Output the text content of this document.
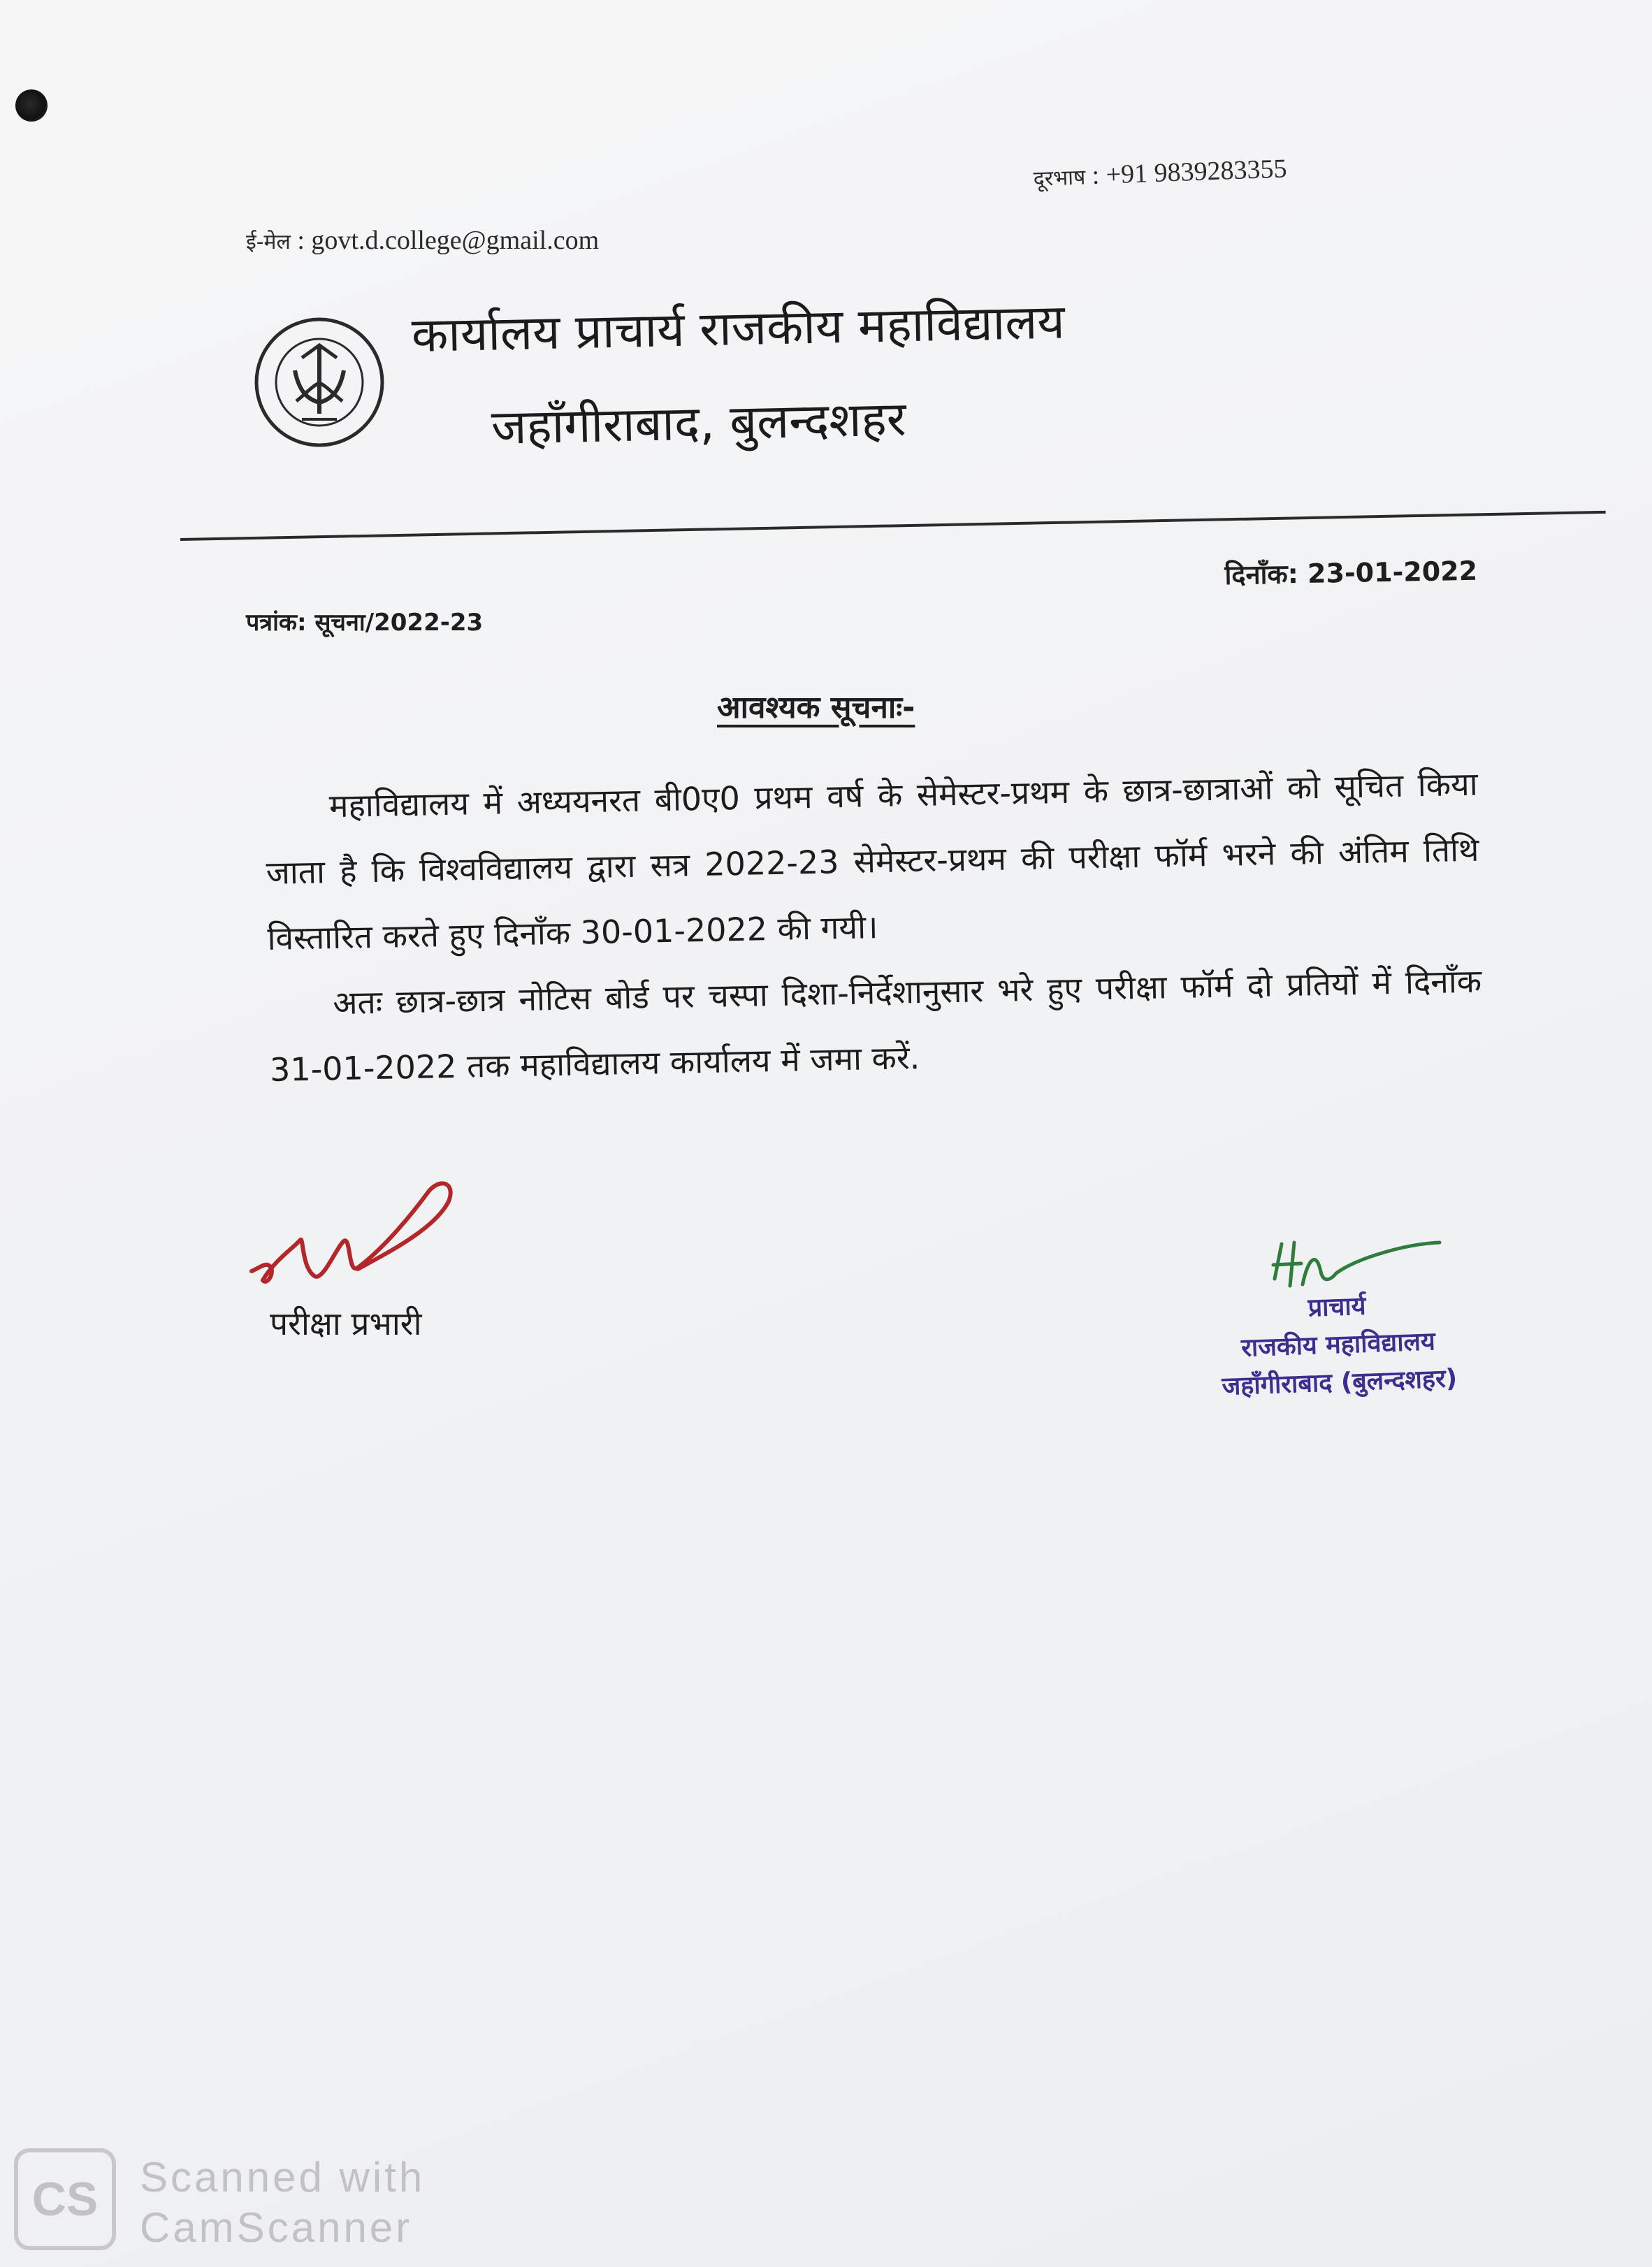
दूरभाष : +91 9839283355
ई-मेल : govt.d.college@gmail.com
कार्यालय प्राचार्य राजकीय महाविद्यालय
जहाँगीराबाद, बुलन्दशहर
पत्रांक: सूचना/2022-23
दिनाँक: 23-01-2022
आवश्यक सूचनाः-

महाविद्यालय में अध्ययनरत बी0ए0 प्रथम वर्ष के सेमेस्टर-प्रथम के छात्र-छात्राओं को सूचित किया जाता है कि विश्वविद्यालय द्वारा सत्र 2022-23 सेमेस्टर-प्रथम की परीक्षा फॉर्म भरने की अंतिम तिथि विस्तारित करते हुए दिनाँक 30-01-2022 की गयी।

अतः छात्र-छात्र नोटिस बोर्ड पर चस्पा दिशा-निर्देशानुसार भरे हुए परीक्षा फॉर्म दो प्रतियों में दिनाँक 31-01-2022 तक महाविद्यालय कार्यालय में जमा करें.

परीक्षा प्रभारी	प्राचार्य
राजकीय महाविद्यालय
जहाँगीराबाद (बुलन्दशहर)
CS Scanned with
CamScanner
